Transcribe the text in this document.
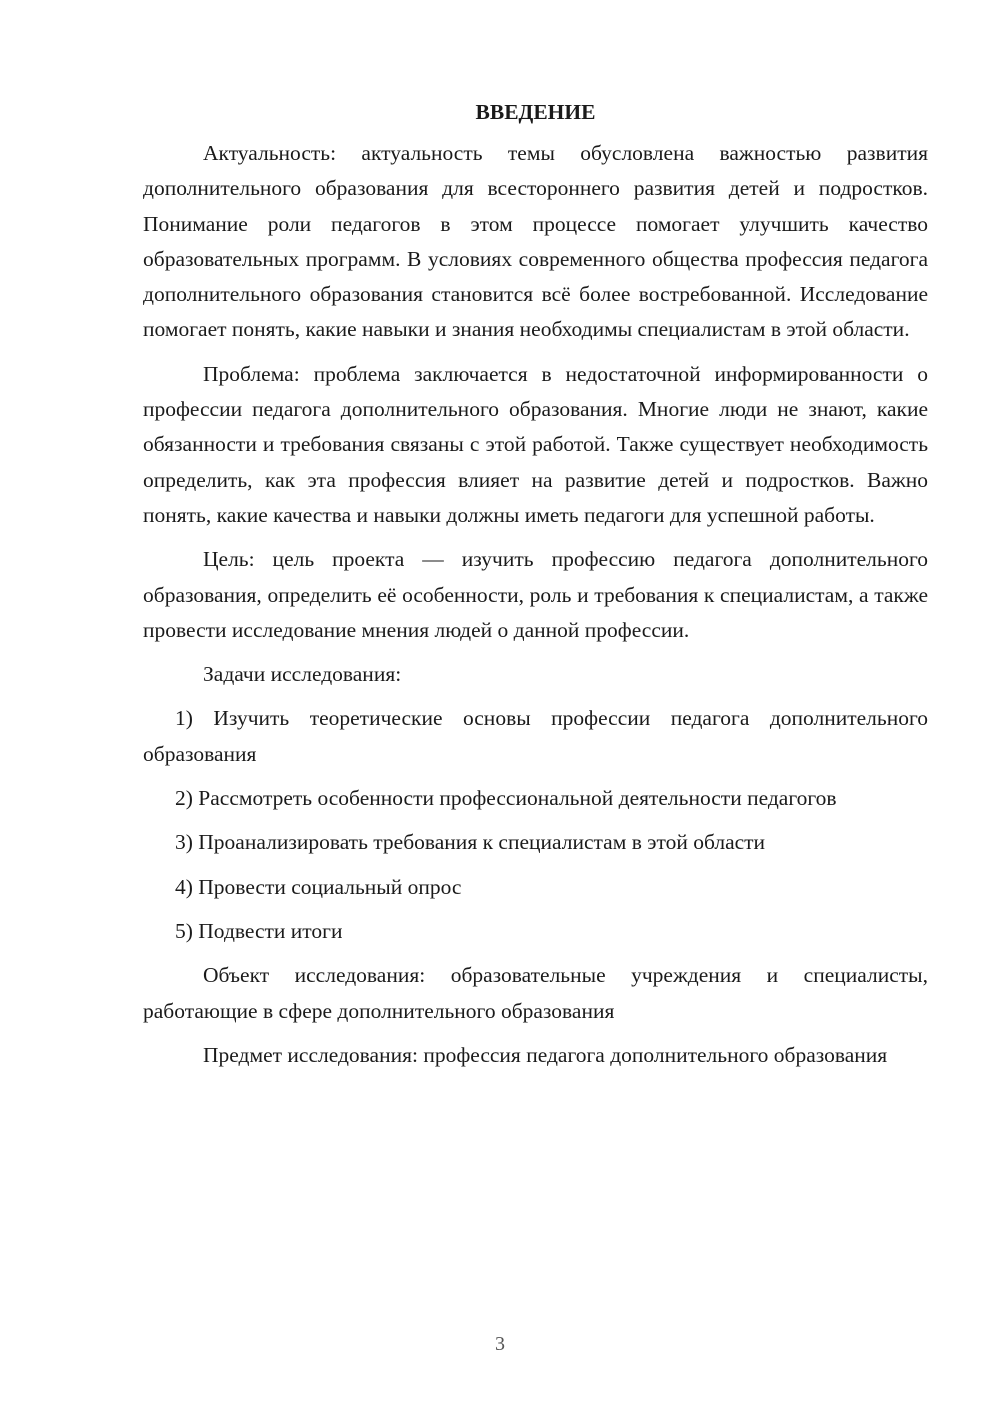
ВВЕДЕНИЕ

Актуальность: актуальность темы обусловлена важностью развития дополнительного образования для всестороннего развития детей и подростков. Понимание роли педагогов в этом процессе помогает улучшить качество образовательных программ. В условиях современного общества профессия педагога дополнительного образования становится всё более востребованной. Исследование помогает понять, какие навыки и знания необходимы специалистам в этой области.

Проблема: проблема заключается в недостаточной информированности о профессии педагога дополнительного образования. Многие люди не знают, какие обязанности и требования связаны с этой работой. Также существует необходимость определить, как эта профессия влияет на развитие детей и подростков. Важно понять, какие качества и навыки должны иметь педагоги для успешной работы.

Цель: цель проекта — изучить профессию педагога дополнительного образования, определить её особенности, роль и требования к специалистам, а также провести исследование мнения людей о данной профессии.

Задачи исследования:

1) Изучить теоретические основы профессии педагога дополнительного образования

2) Рассмотреть особенности профессиональной деятельности педагогов

3) Проанализировать требования к специалистам в этой области

4) Провести социальный опрос

5) Подвести итоги

Объект исследования: образовательные учреждения и специалисты, работающие в сфере дополнительного образования

Предмет исследования: профессия педагога дополнительного образования

3
